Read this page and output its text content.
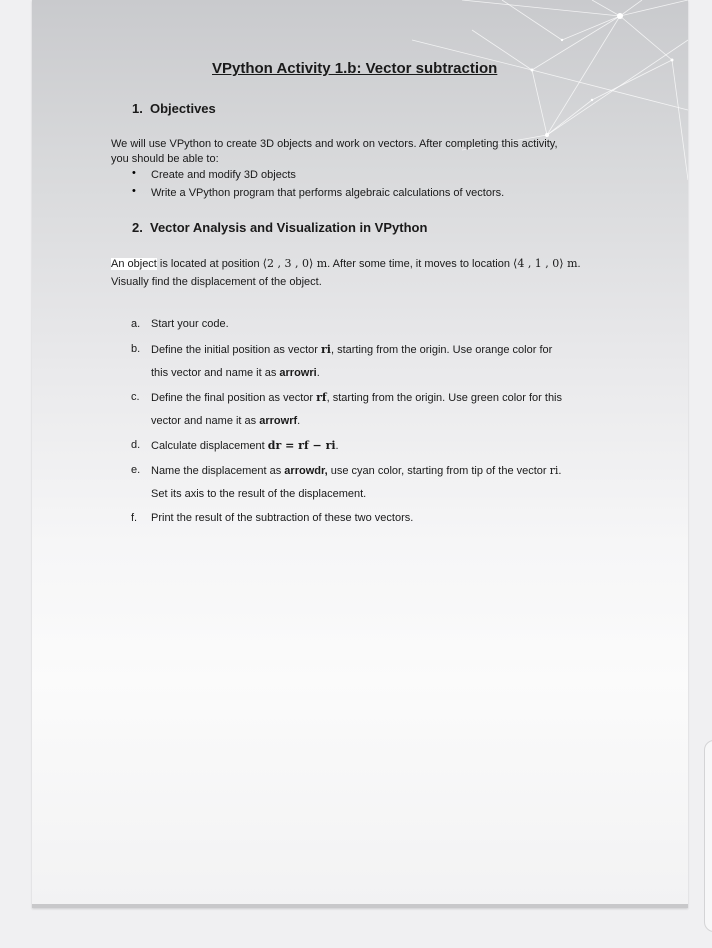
VPython Activity 1.b: Vector subtraction
1. Objectives
We will use VPython to create 3D objects and work on vectors. After completing this activity,
you should be able to:
• Create and modify 3D objects
• Write a VPython program that performs algebraic calculations of vectors.
2. Vector Analysis and Visualization in VPython
An object is located at position ⟨2 , 3 , 0⟩ m. After some time, it moves to location ⟨4 , 1 , 0⟩ m.
Visually find the displacement of the object.
a. Start your code.
b. Define the initial position as vector ri, starting from the origin. Use orange color for
this vector and name it as arrowri.
c. Define the final position as vector rf, starting from the origin. Use green color for this
vector and name it as arrowrf.
d. Calculate displacement dr = rf − ri.
e. Name the displacement as arrowdr, use cyan color, starting from tip of the vector ri.
Set its axis to the result of the displacement.
f. Print the result of the subtraction of these two vectors.
